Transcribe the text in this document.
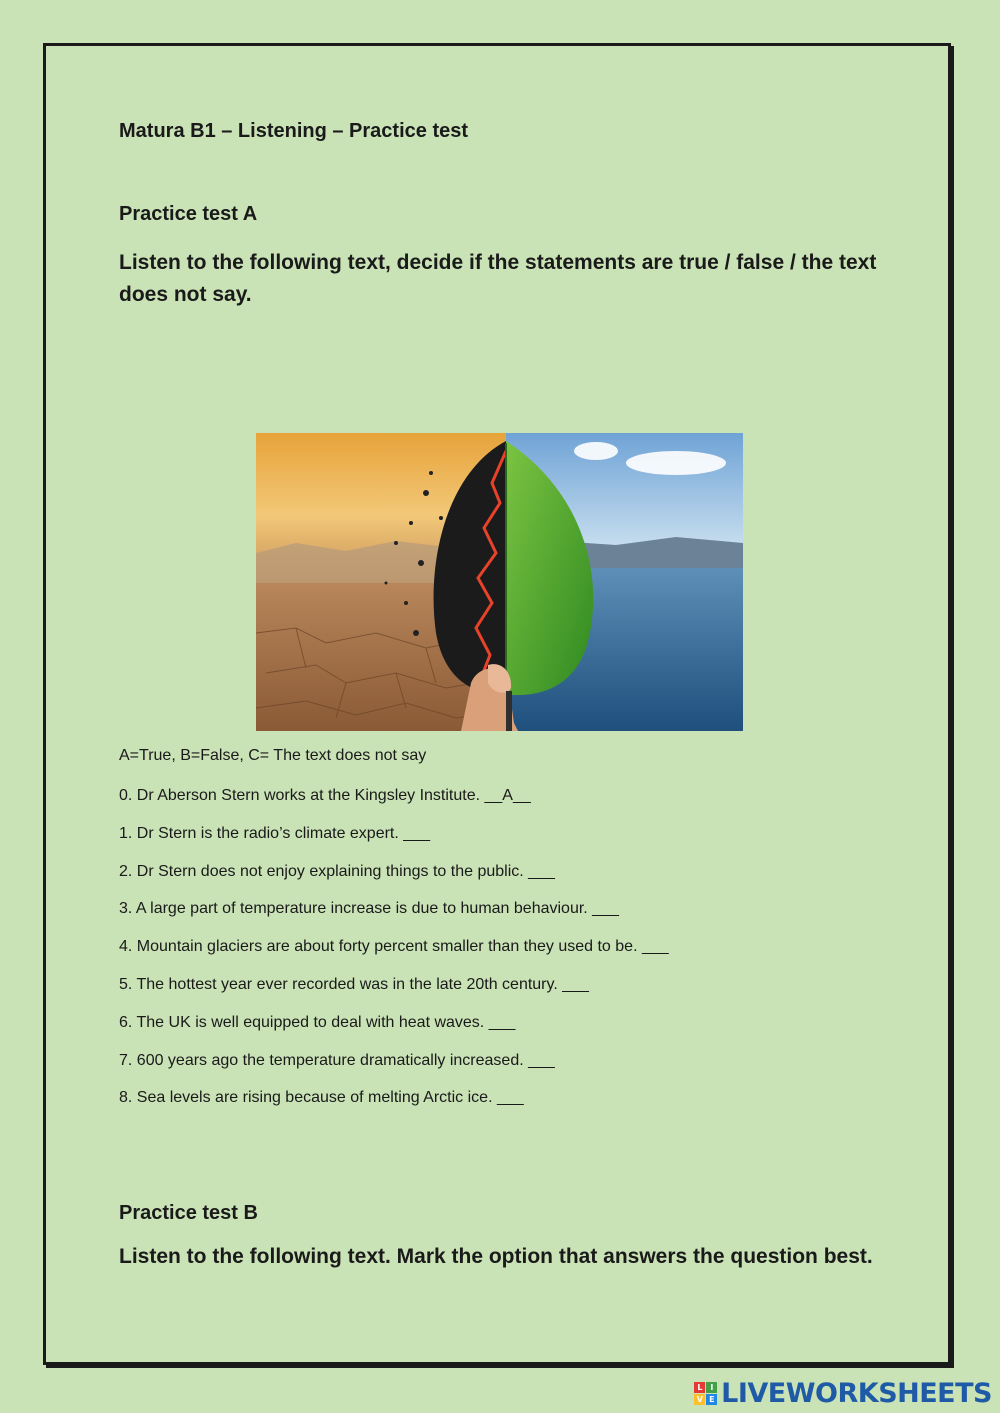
Matura B1 – Listening – Practice test
Practice test A
Listen to the following text, decide if the statements are true / false / the text does not say.
A=True, B=False, C= The text does not say
0. Dr Aberson Stern works at the Kingsley Institute. __A__
1. Dr Stern is the radio’s climate expert. ___
2. Dr Stern does not enjoy explaining things to the public. ___
3. A large part of temperature increase is due to human behaviour. ___
4. Mountain glaciers are about forty percent smaller than they used to be. ___
5. The hottest year ever recorded was in the late 20th century. ___
6. The UK is well equipped to deal with heat waves. ___
7. 600 years ago the temperature dramatically increased. ___
8. Sea levels are rising because of melting Arctic ice. ___
Practice test B
Listen to the following text. Mark the option that answers the question best.
L	I
V E LIVEWORKSHEETS
